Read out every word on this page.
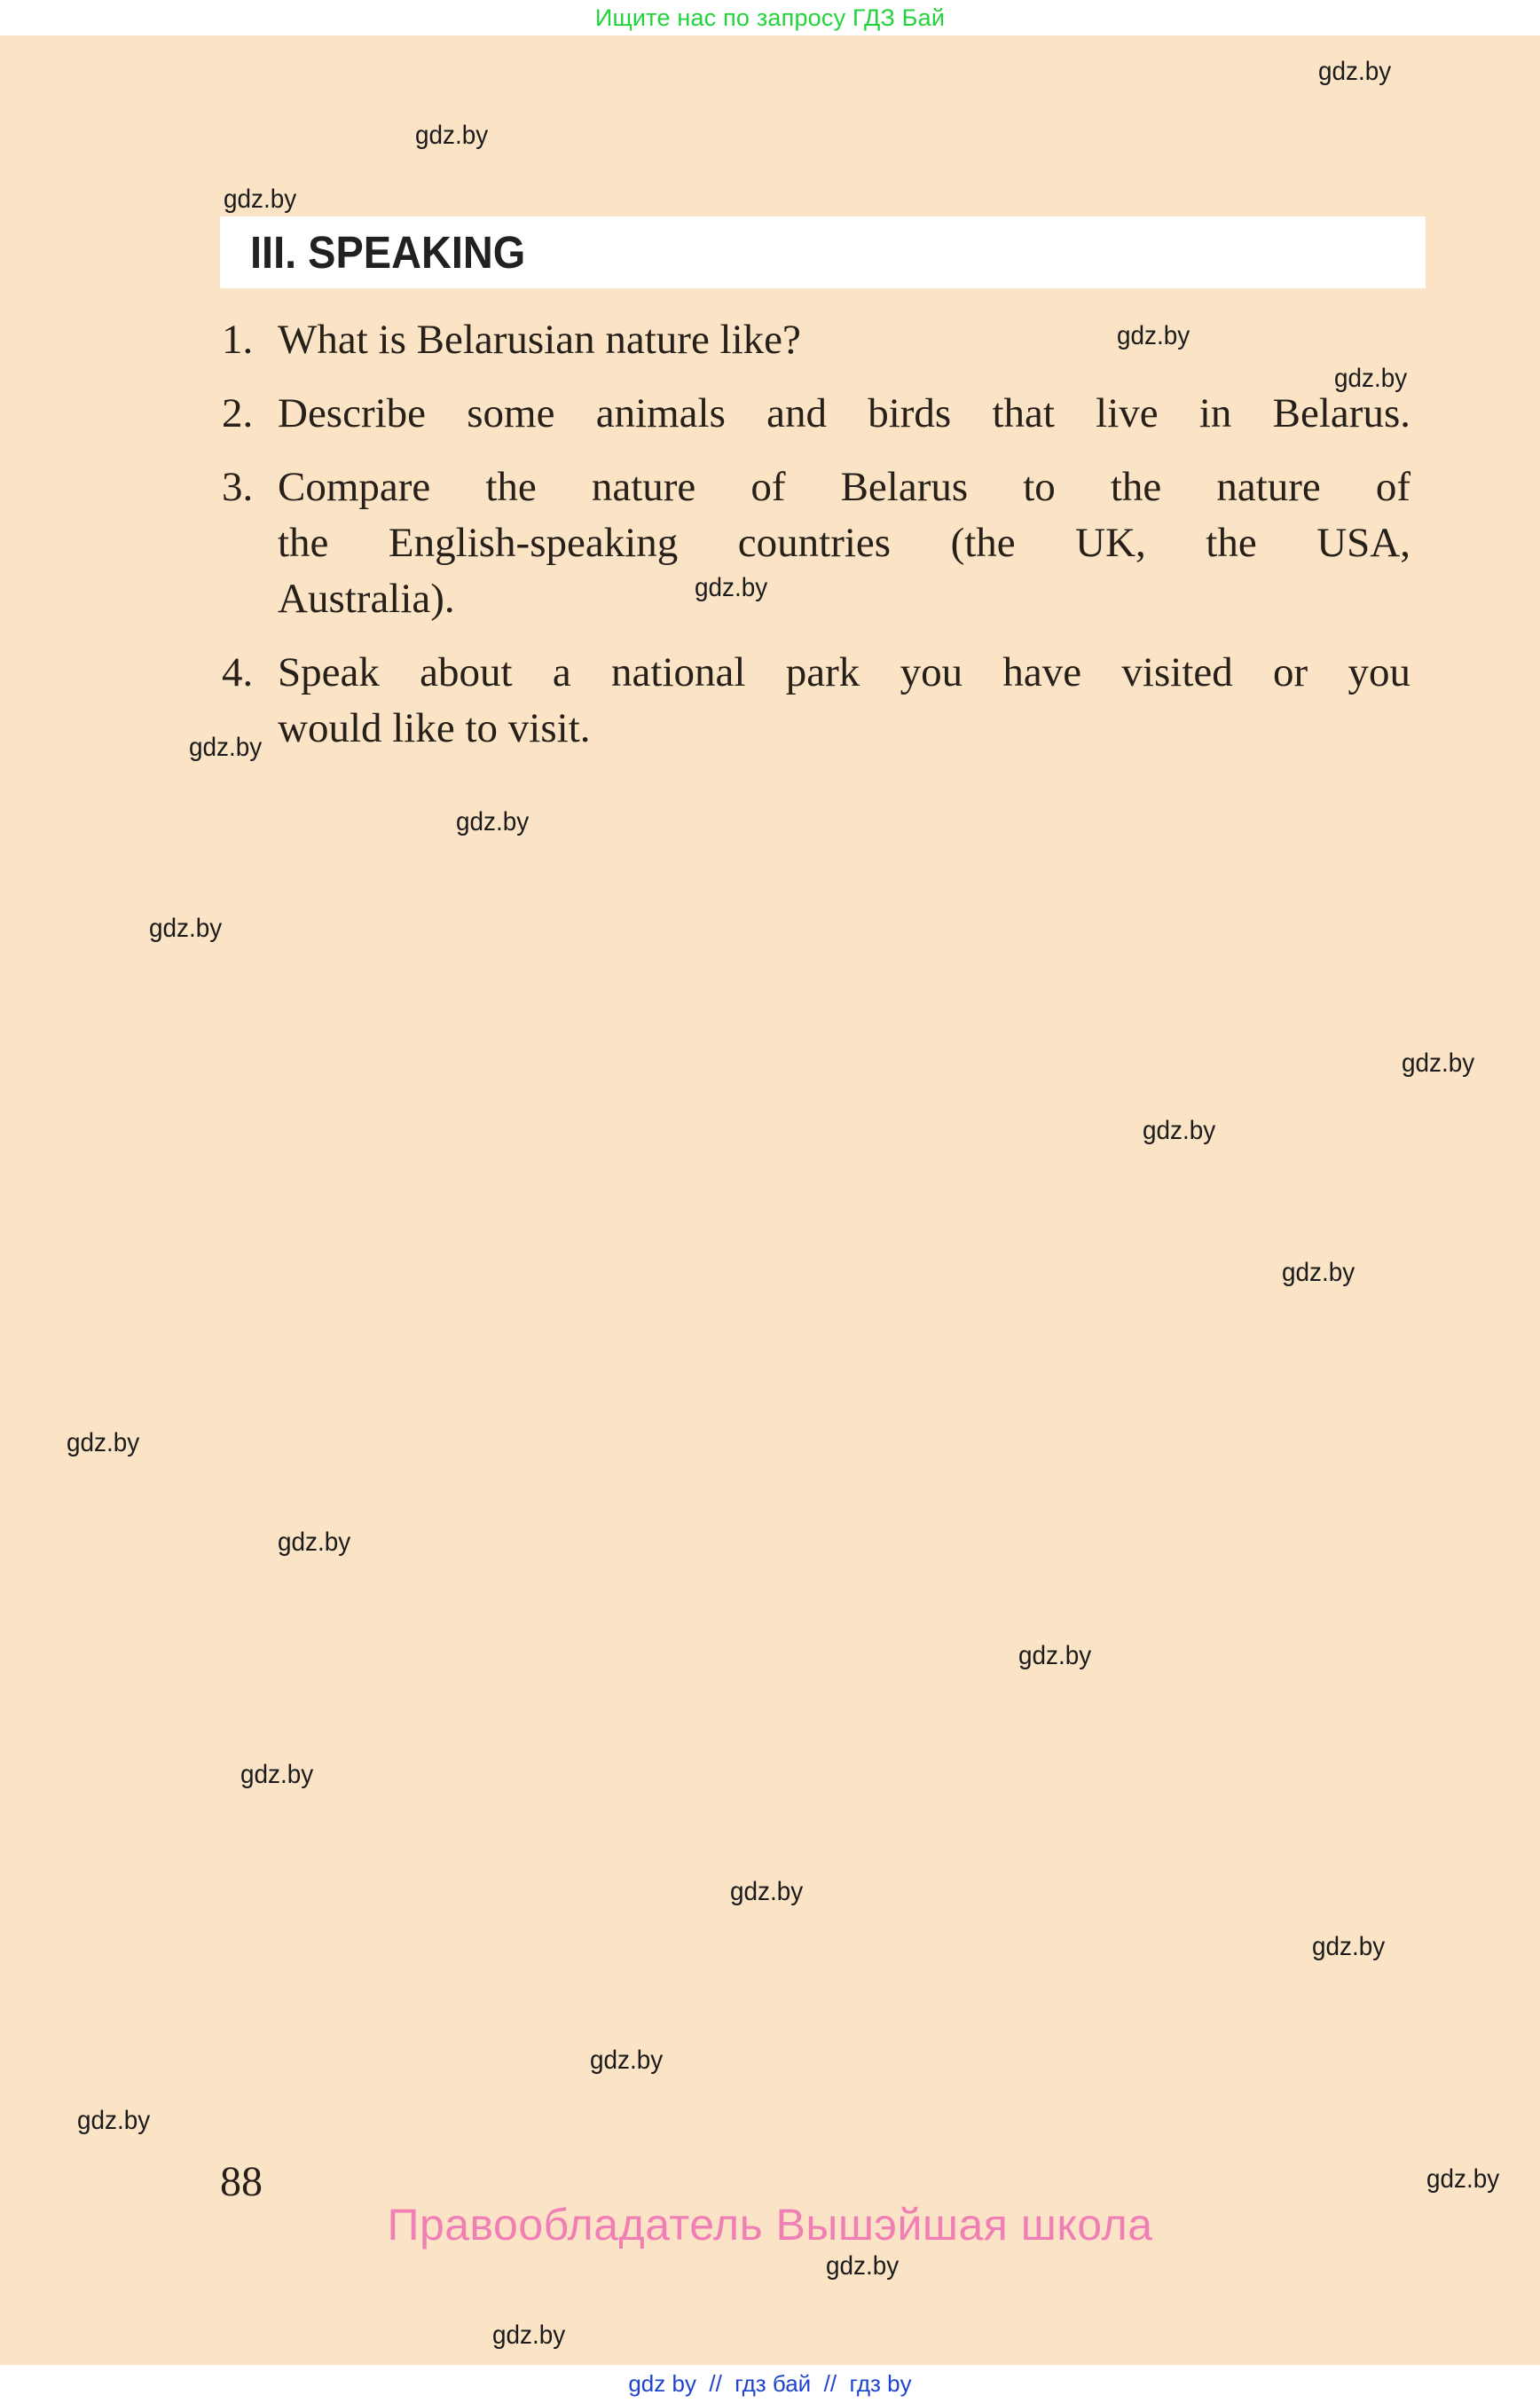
Ищите нас по запросу ГДЗ Бай
gdz.by
gdz.by
gdz.by
gdz.by
gdz.by
gdz.by
gdz.by
gdz.by
gdz.by
gdz.by
gdz.by
gdz.by
gdz.by
gdz.by
gdz.by
gdz.by
gdz.by
gdz.by
gdz.by
gdz.by
gdz.by
gdz.by
gdz.by
III. SPEAKING
1. What is Belarusian nature like?
2. Describe some animals and birds that live in Belarus.
3. Compare the nature of Belarus to the nature of
the English-speaking countries (the UK, the USA,
Australia).
4. Speak about a national park you have visited or you
would like to visit.
88
Правообладатель Вышэйшая школа
gdz by  //  гдз бай  //  гдз by
